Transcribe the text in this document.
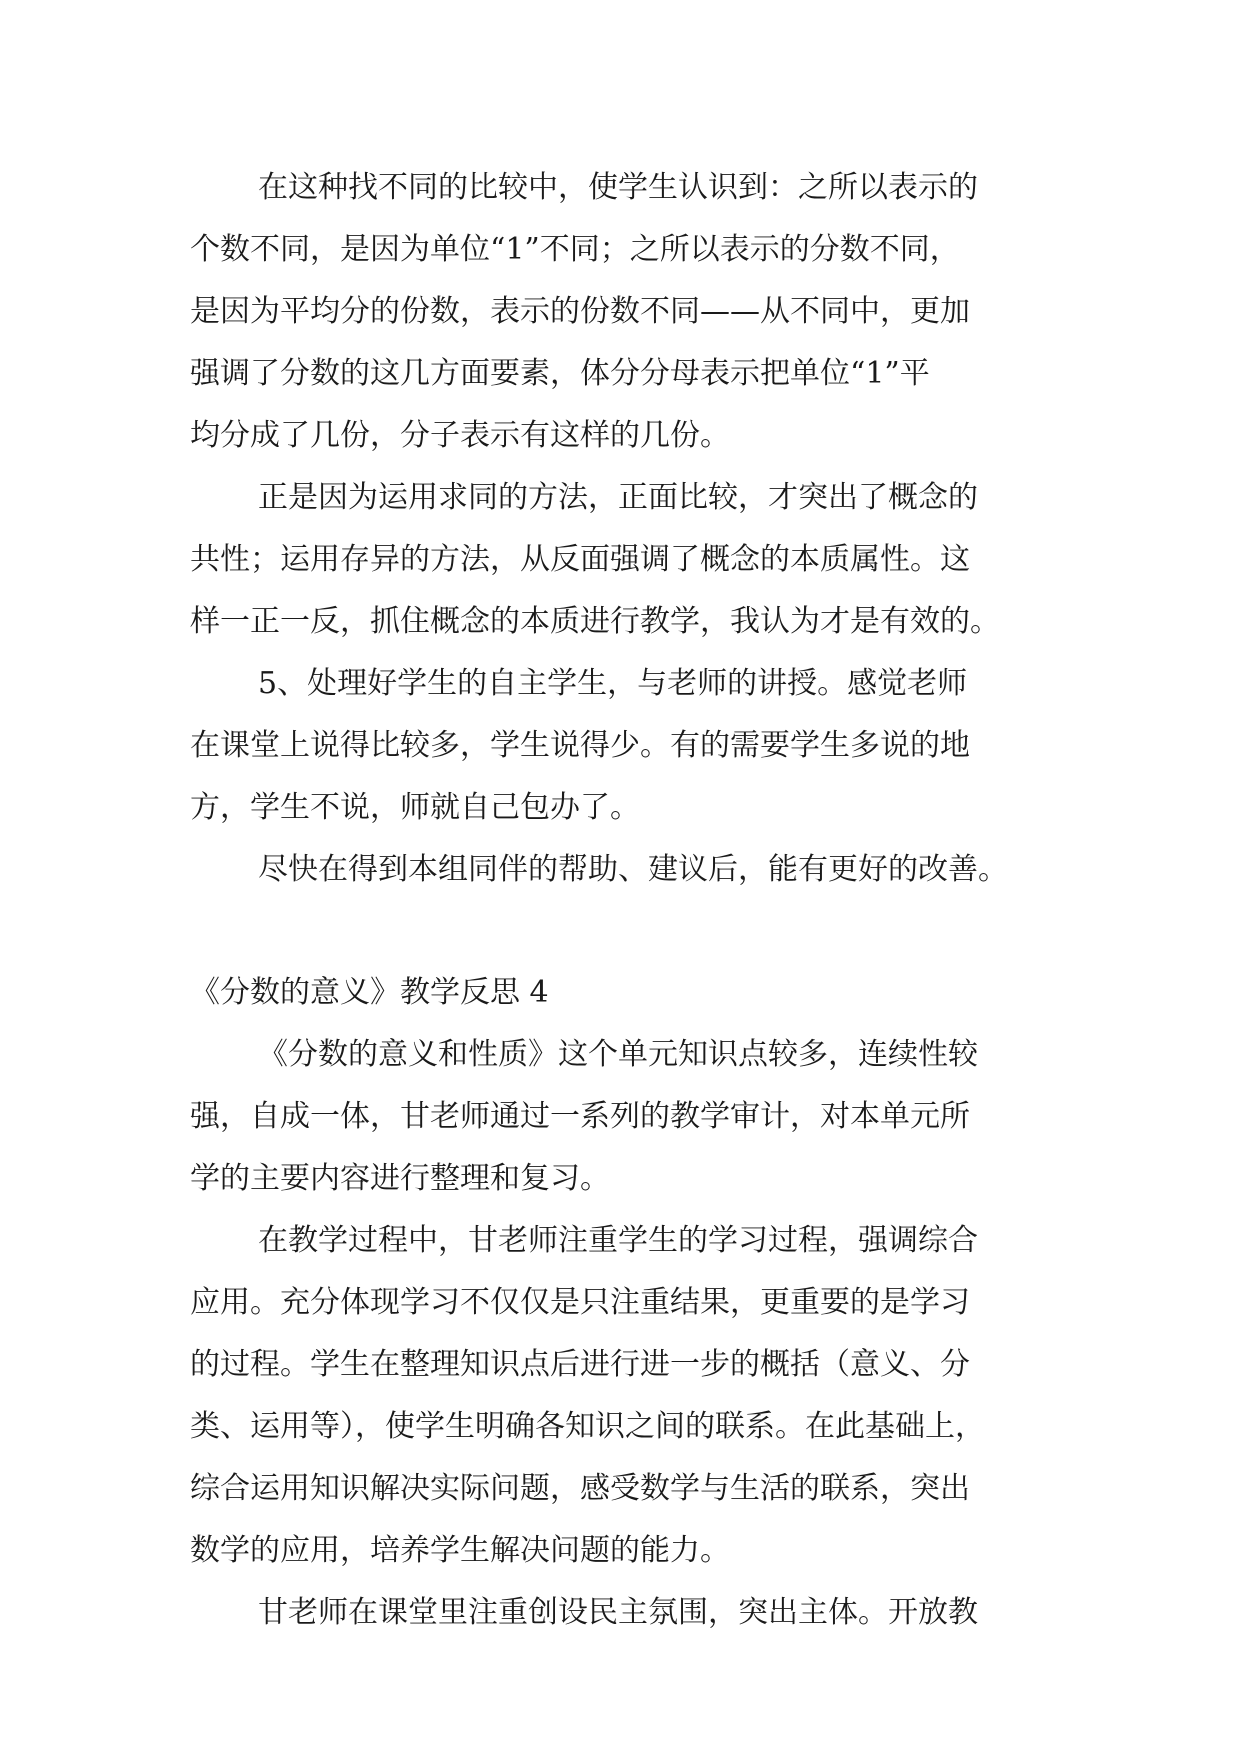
在这种找不同的比较中，使学生认识到：之所以表示的
个数不同，是因为单位“1”不同；之所以表示的分数不同，
是因为平均分的份数，表示的份数不同——从不同中，更加
强调了分数的这几方面要素，体分分母表示把单位“1”平
均分成了几份，分子表示有这样的几份。
正是因为运用求同的方法，正面比较，才突出了概念的
共性；运用存异的方法，从反面强调了概念的本质属性。这
样一正一反，抓住概念的本质进行教学，我认为才是有效的。
5、处理好学生的自主学生，与老师的讲授。感觉老师
在课堂上说得比较多，学生说得少。有的需要学生多说的地
方，学生不说，师就自己包办了。
尽快在得到本组同伴的帮助、建议后，能有更好的改善。
《分数的意义》教学反思 4
《分数的意义和性质》这个单元知识点较多，连续性较
强，自成一体，甘老师通过一系列的教学审计，对本单元所
学的主要内容进行整理和复习。
在教学过程中，甘老师注重学生的学习过程，强调综合
应用。充分体现学习不仅仅是只注重结果，更重要的是学习
的过程。学生在整理知识点后进行进一步的概括（意义、分
类、运用等），使学生明确各知识之间的联系。在此基础上，
综合运用知识解决实际问题，感受数学与生活的联系，突出
数学的应用，培养学生解决问题的能力。
甘老师在课堂里注重创设民主氛围，突出主体。开放教
